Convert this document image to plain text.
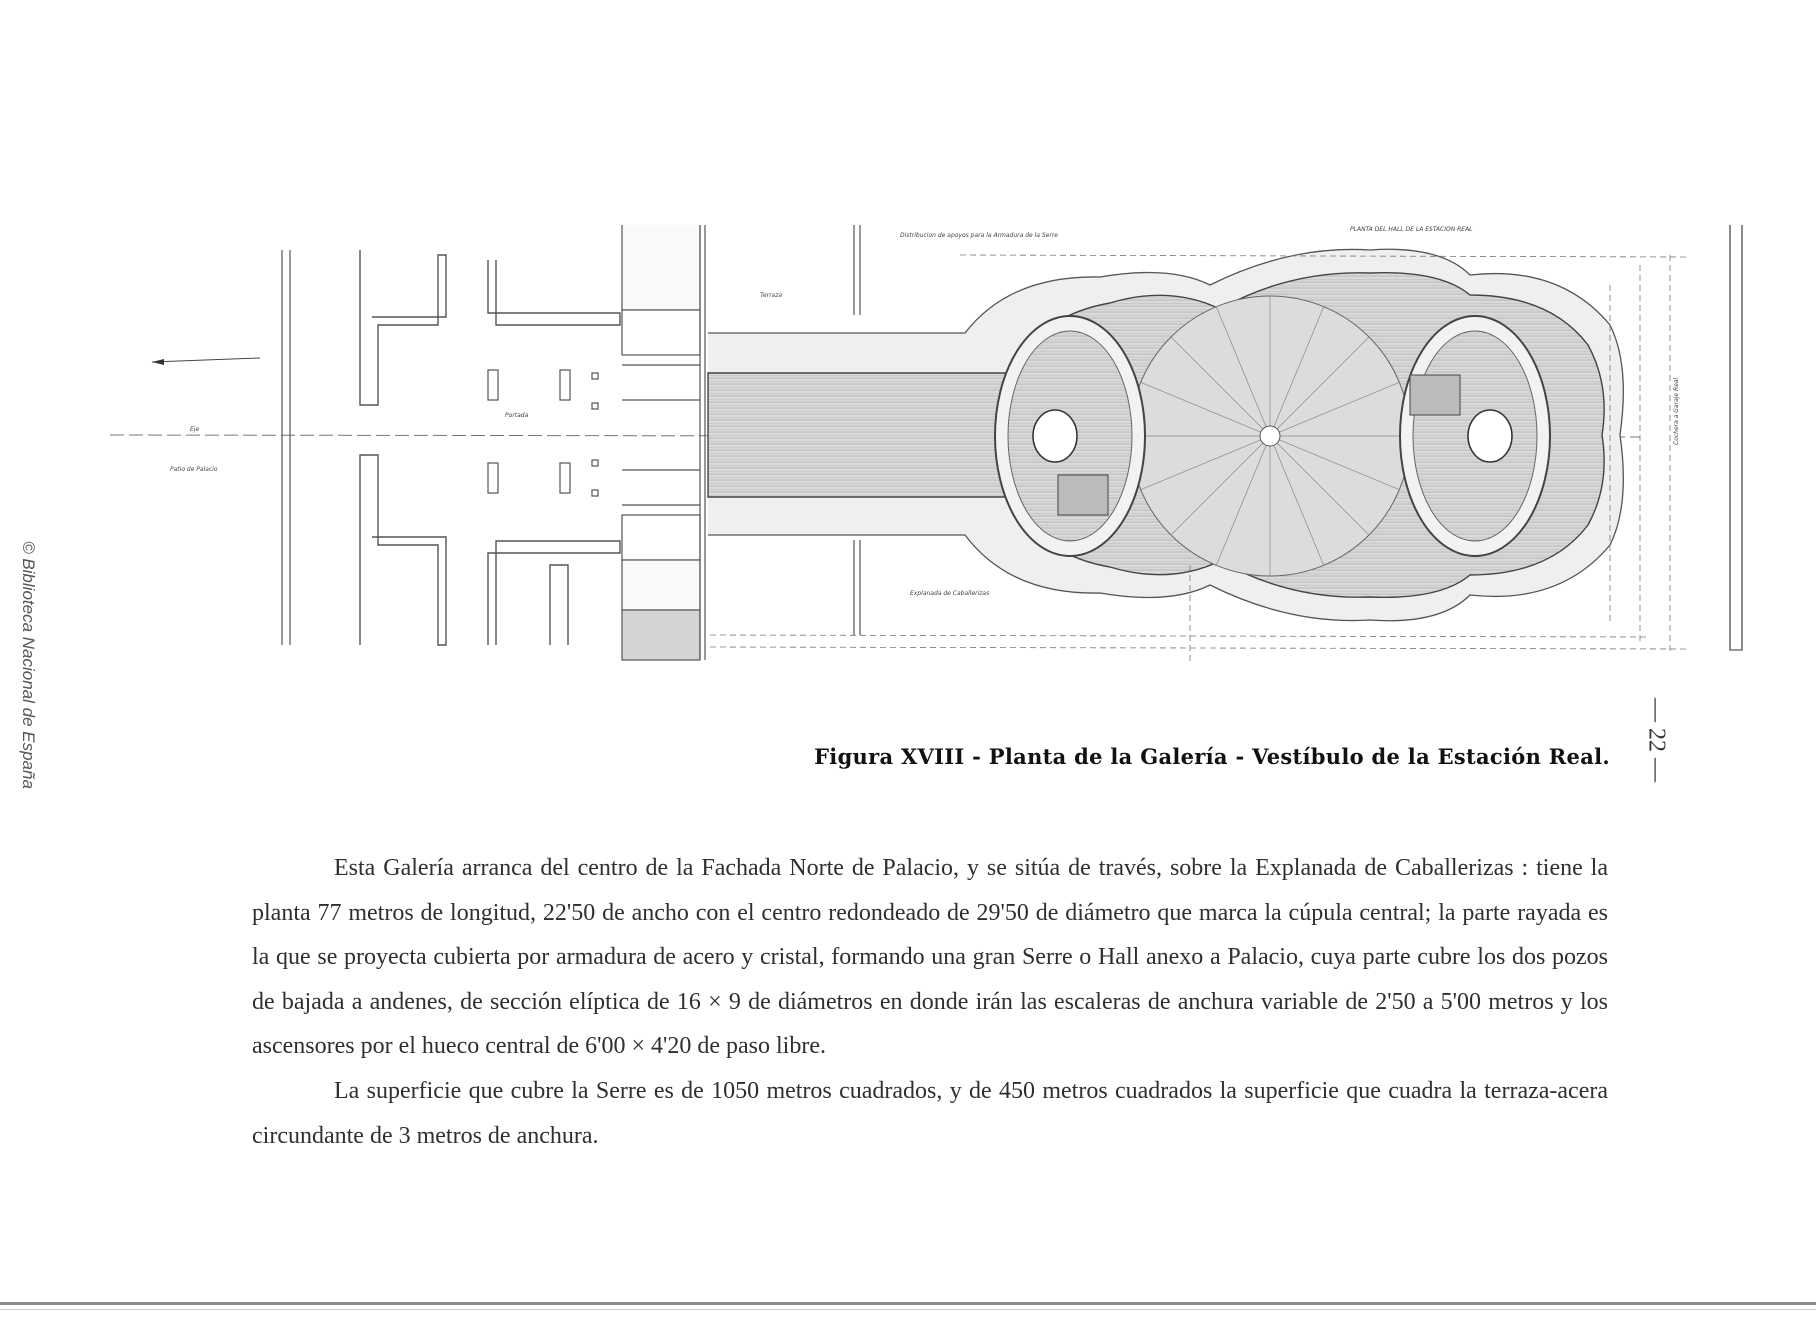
© Biblioteca Nacional de España	— 22 —
Eje
Patio de Palacio
Portada
Distribucion de apoyos para la Armadura de la Serre
PLANTA DEL HALL DE LA ESTACION REAL
Terraza
Explanada de Caballerizas
Cochera a Garaje Real
Figura XVIII - Planta de la Galería - Vestíbulo de la Estación Real.

Esta Galería arranca del centro de la Fachada Norte de Palacio, y se sitúa de través, sobre la Explanada de Caballerizas : tiene la planta 77 metros de longitud, 22'50 de ancho con el centro redondeado de 29'50 de diámetro que marca la cúpula central; la parte rayada es la que se proyecta cubierta por armadura de acero y cristal, formando una gran Serre o Hall anexo a Palacio, cuya parte cubre los dos pozos de bajada a andenes, de sección elíptica de 16 × 9 de diámetros en donde irán las escaleras de anchura variable de 2'50 a 5'00 metros y los ascensores por el hueco central de 6'00 × 4'20 de paso libre.

La superficie que cubre la Serre es de 1050 metros cuadrados, y de 450 metros cuadrados la superficie que cuadra la terraza-acera circundante de 3 metros de anchura.
